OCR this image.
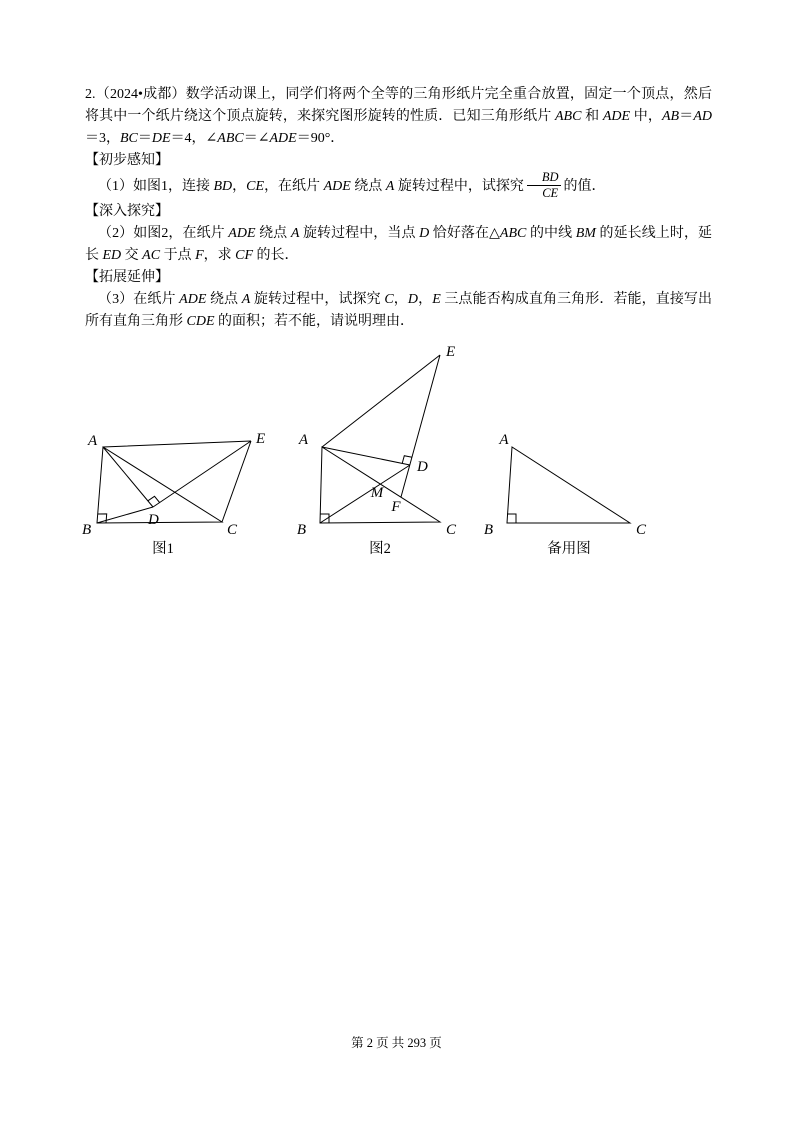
2.（2024•成都）数学活动课上，同学们将两个全等的三角形纸片完全重合放置，固定一个顶点，然后将其中一个纸片绕这个顶点旋转，来探究图形旋转的性质．已知三角形纸片 ABC 和 ADE 中，AB＝AD＝3，BC＝DE＝4，∠ABC＝∠ADE＝90°．

【初步感知】

（1）如图1，连接 BD，CE，在纸片 ADE 绕点 A 旋转过程中，试探究 $\frac{BD}{CE}$ 的值．

【深入探究】

（2）如图2，在纸片 ADE 绕点 A 旋转过程中，当点 D 恰好落在△ABC 的中线 BM 的延长线上时，延长 ED 交 AC 于点 F，求 CF 的长．

【拓展延伸】

（3）在纸片 ADE 绕点 A 旋转过程中，试探究 C，D，E 三点能否构成直角三角形．若能，直接写出所有直角三角形 CDE 的面积；若不能，请说明理由．

A	E
B	C
D
图1
A
E
D
M
F
B	C
图2
A
B	C
备用图
第 2 页 共 293 页
